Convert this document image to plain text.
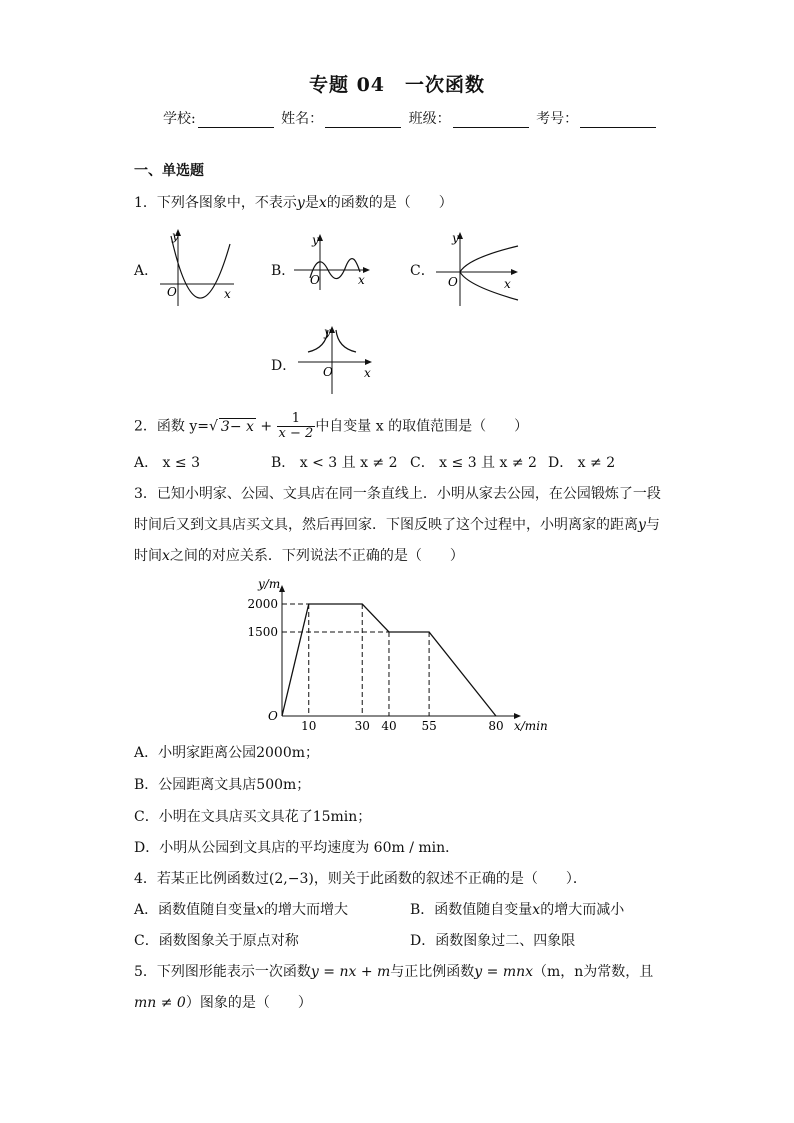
专题 04　一次函数
学校:	姓名：	班级：	考号：
一、单选题
1．下列各图象中，不表示y是x的函数的是（　　）
A．
y
x
O
B．
y
x
O
C．
y
x
O
D．
y
x
O
2．函数 y=√ $3- x + \frac{1}{x - 2}$ 中自变量 x 的取值范围是（　　）
A． x ≤ 3	B． x < 3 且 x ≠ 2 C． x ≤ 3 且 x ≠ 2 D． x ≠ 2
3．已知小明家、公园、文具店在同一条直线上．小明从家去公园，在公园锻炼了一段
时间后又到文具店买文具，然后再回家．下图反映了这个过程中，小明离家的距离y与
时间x之间的对应关系．下列说法不正确的是（　　）
y/m
x/min
O
10	30 40 55	80
2000
1500
A．小明家距离公园2000m；
B．公园距离文具店500m；
C．小明在文具店买文具花了15min；
D．小明从公园到文具店的平均速度为 60m / min．
4．若某正比例函数过(2,−3)，则关于此函数的叙述不正确的是（　　）．
A．函数值随自变量x的增大而增大	B．函数值随自变量x的增大而减小
C．函数图象关于原点对称	D．函数图象过二、四象限
5．下列图形能表示一次函数y = nx + m与正比例函数y = mnx（m，n为常数，且
mn ≠ 0）图象的是（　　）
